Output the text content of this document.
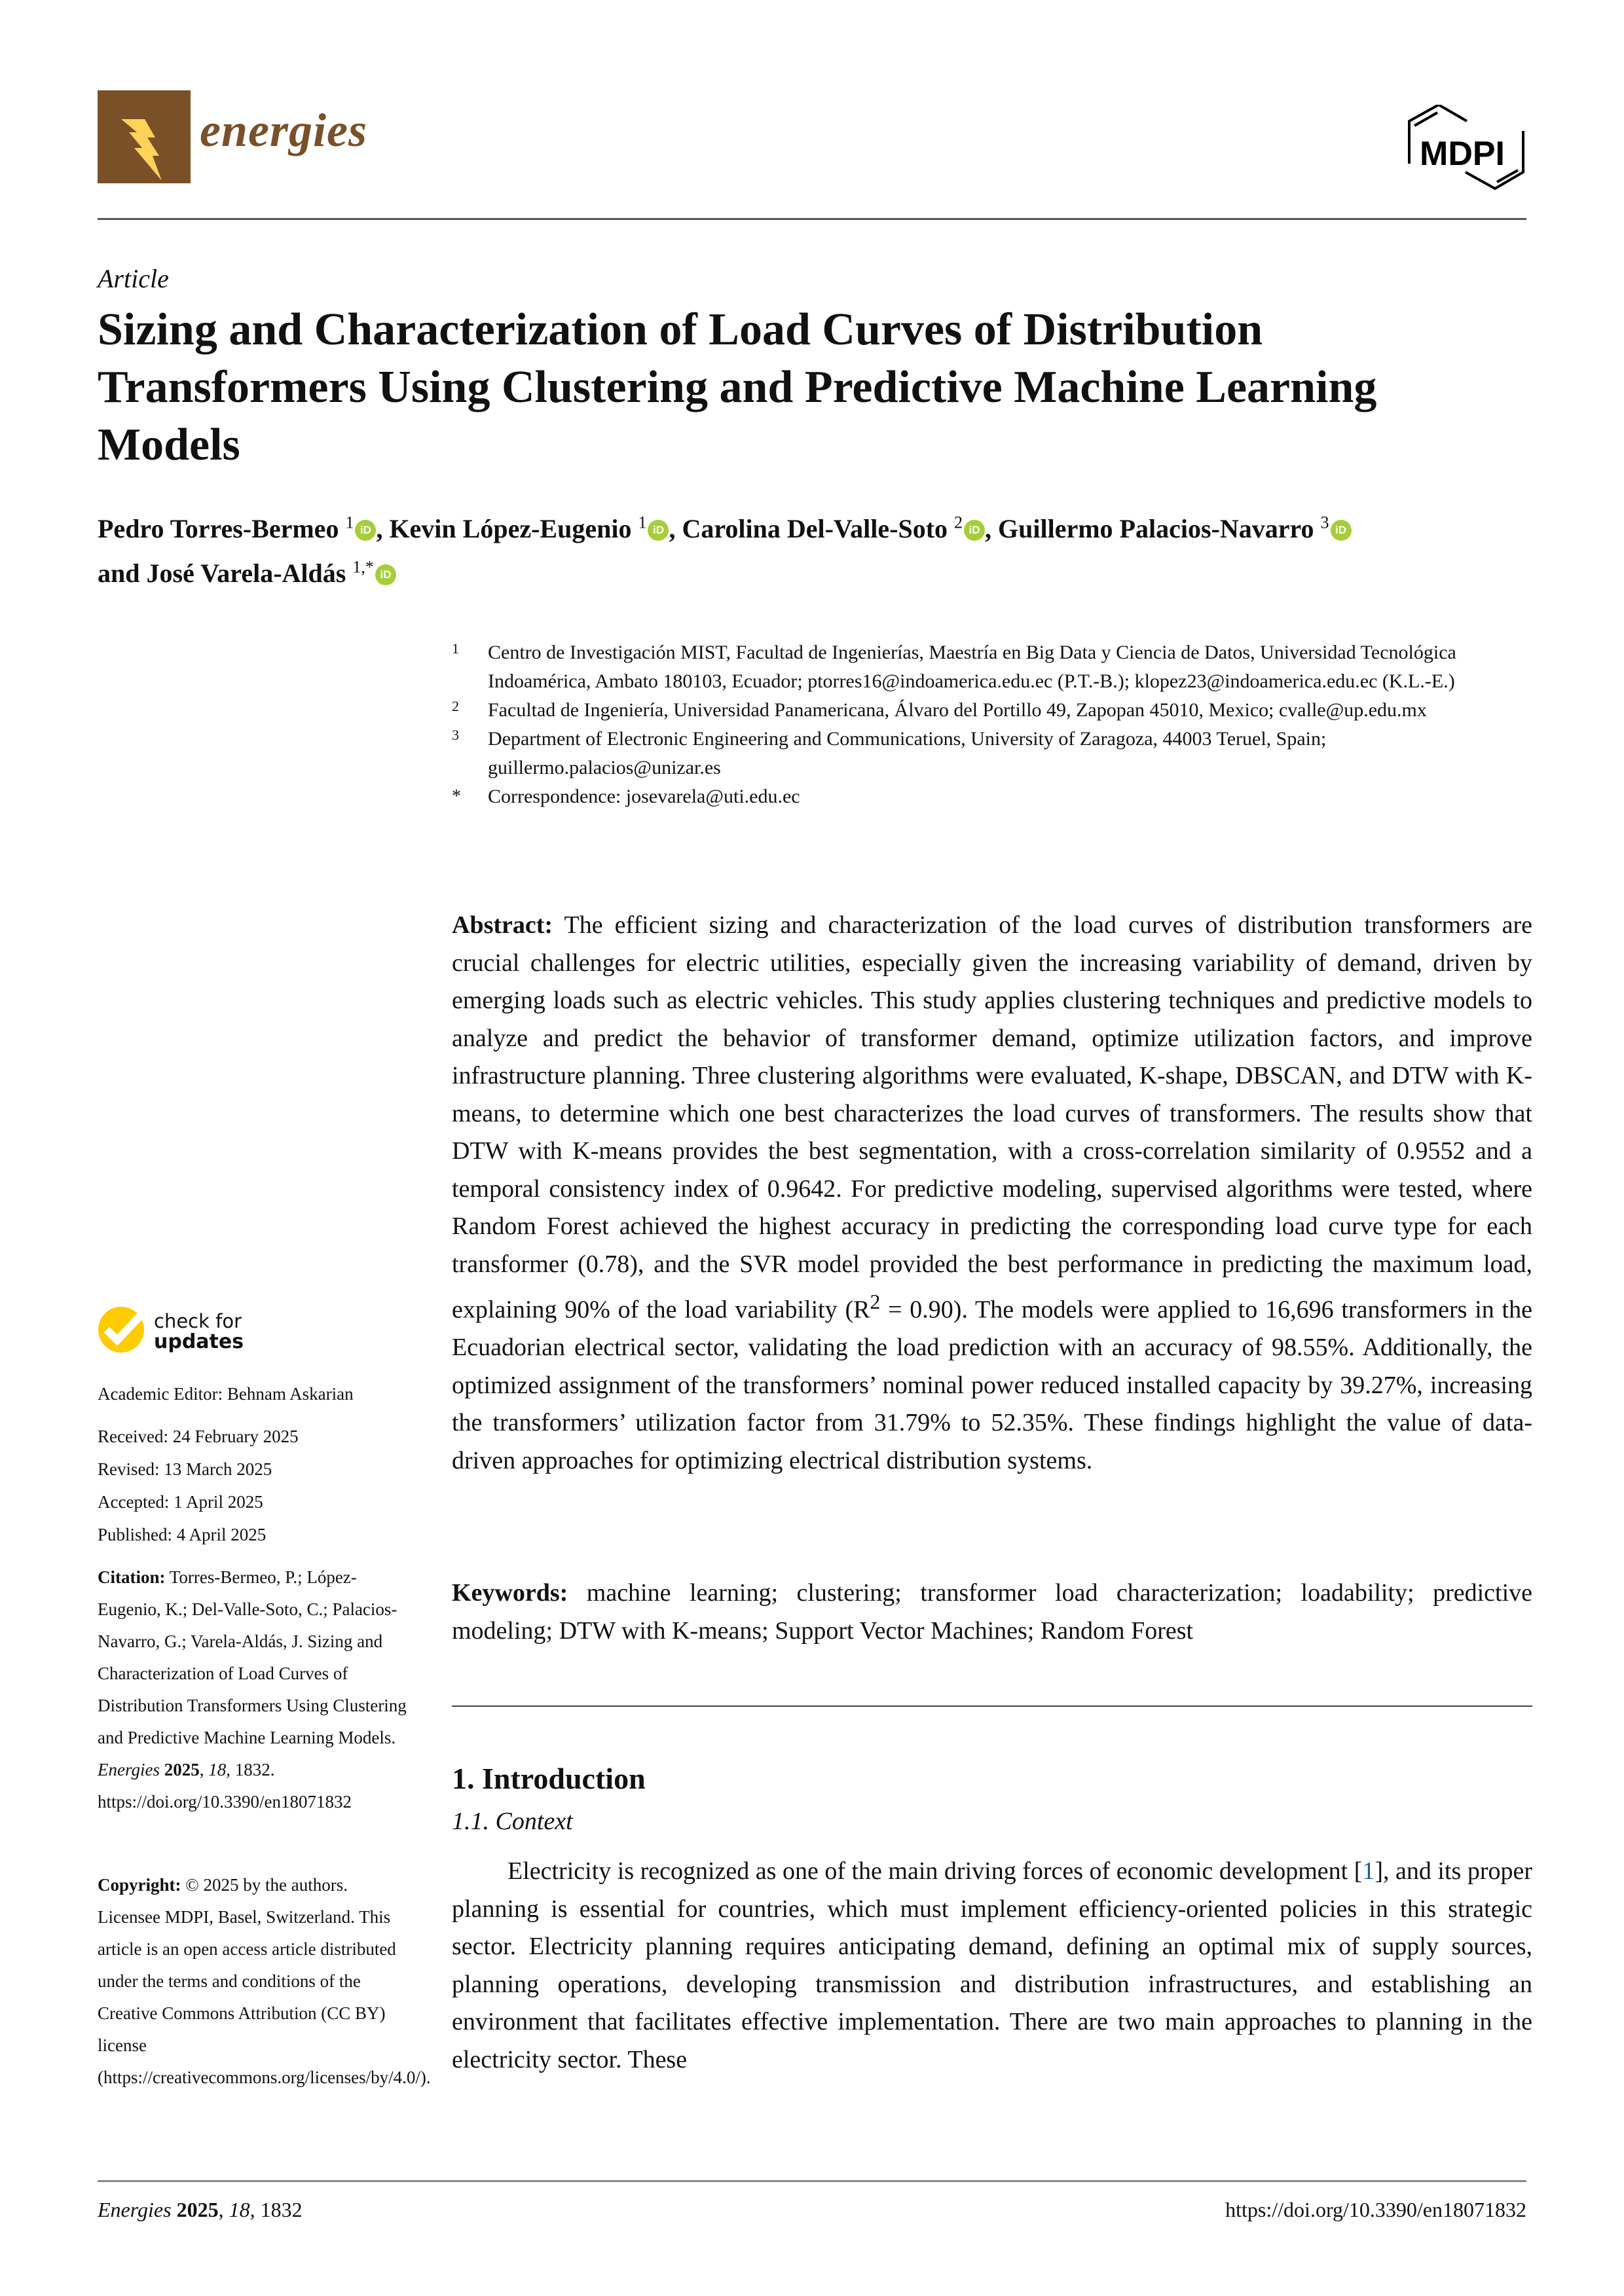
energies	MDPI
Article
Sizing and Characterization of Load Curves of Distribution Transformers Using Clustering and Predictive Machine Learning Models
Pedro Torres-Bermeo $^1$ iD , Kevin López-Eugenio $^1$ iD , Carolina Del-Valle-Soto $^2$ iD , Guillermo Palacios-Navarro $^3$ iD
and José Varela-Aldás $^{1,*}$ iD
1 Centro de Investigación MIST, Facultad de Ingenierías, Maestría en Big Data y Ciencia de Datos, Universidad Tecnológica Indoamérica, Ambato 180103, Ecuador; ptorres16@indoamerica.edu.ec (P.T.-B.); klopez23@indoamerica.edu.ec (K.L.-E.)
2 Facultad de Ingeniería, Universidad Panamericana, Álvaro del Portillo 49, Zapopan 45010, Mexico; cvalle@up.edu.mx
3 Department of Electronic Engineering and Communications, University of Zaragoza, 44003 Teruel, Spain; guillermo.palacios@unizar.es
* Correspondence: josevarela@uti.edu.ec
Abstract: The efficient sizing and characterization of the load curves of distribution transformers are crucial challenges for electric utilities, especially given the increasing variability of demand, driven by emerging loads such as electric vehicles. This study applies clustering techniques and predictive models to analyze and predict the behavior of transformer demand, optimize utilization factors, and improve infrastructure planning. Three clustering algorithms were evaluated, K-shape, DBSCAN, and DTW with K-means, to determine which one best characterizes the load curves of transformers. The results show that DTW with K-means provides the best segmentation, with a cross-correlation similarity of 0.9552 and a temporal consistency index of 0.9642. For predictive modeling, supervised algorithms were tested, where Random Forest achieved the highest accuracy in predicting the corresponding load curve type for each transformer (0.78), and the SVR model provided the best performance in predicting the maximum load, explaining 90% of the load variability $(R^2 = 0.90)$. The models were applied to 16,696 transformers in the Ecuadorian electrical sector, validating the load prediction with an accuracy of 98.55%. Additionally, the optimized assignment of the transformers’ nominal power reduced installed capacity by 39.27%, increasing the transformers’ utilization factor from 31.79% to 52.35%. These findings highlight the value of data-driven approaches for optimizing electrical distribution systems.
Keywords: machine learning; clustering; transformer load characterization; loadability; predictive modeling; DTW with K-means; Support Vector Machines; Random Forest
1. Introduction
1.1. Context
Electricity is recognized as one of the main driving forces of economic development [1], and its proper planning is essential for countries, which must implement efficiency-oriented policies in this strategic sector. Electricity planning requires anticipating demand, defining an optimal mix of supply sources, planning operations, developing transmission and distribution infrastructures, and establishing an environment that facilitates effective implementation. There are two main approaches to planning in the electricity sector. These
check for
updates
Academic Editor: Behnam Askarian
Received: 24 February 2025
Revised: 13 March 2025
Accepted: 1 April 2025
Published: 4 April 2025
Citation: Torres-Bermeo, P.; López-Eugenio, K.; Del-Valle-Soto, C.; Palacios-Navarro, G.; Varela-Aldás, J. Sizing and Characterization of Load Curves of Distribution Transformers Using Clustering and Predictive Machine Learning Models. Energies 2025, 18, 1832. https://doi.org/10.3390/en18071832
Copyright: © 2025 by the authors. Licensee MDPI, Basel, Switzerland. This article is an open access article distributed under the terms and conditions of the Creative Commons Attribution (CC BY) license (https://creativecommons.org/licenses/by/4.0/).
Energies 2025, 18, 1832	https://doi.org/10.3390/en18071832
